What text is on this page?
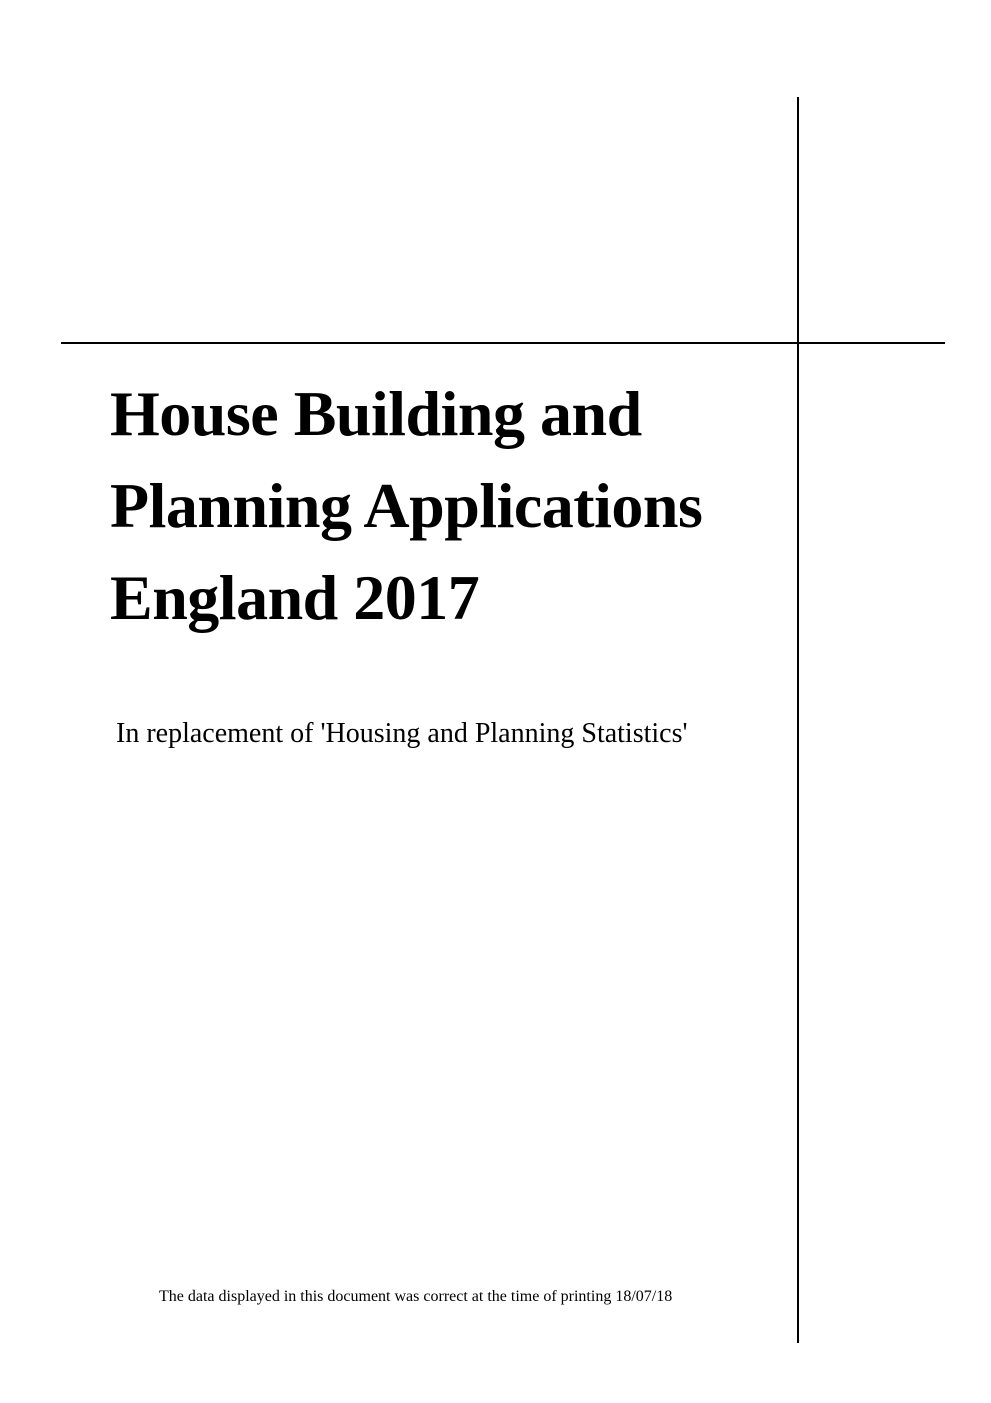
House Building and
Planning Applications
England 2017

In replacement of 'Housing and Planning Statistics'

The data displayed in this document was correct at the time of printing 18/07/18
